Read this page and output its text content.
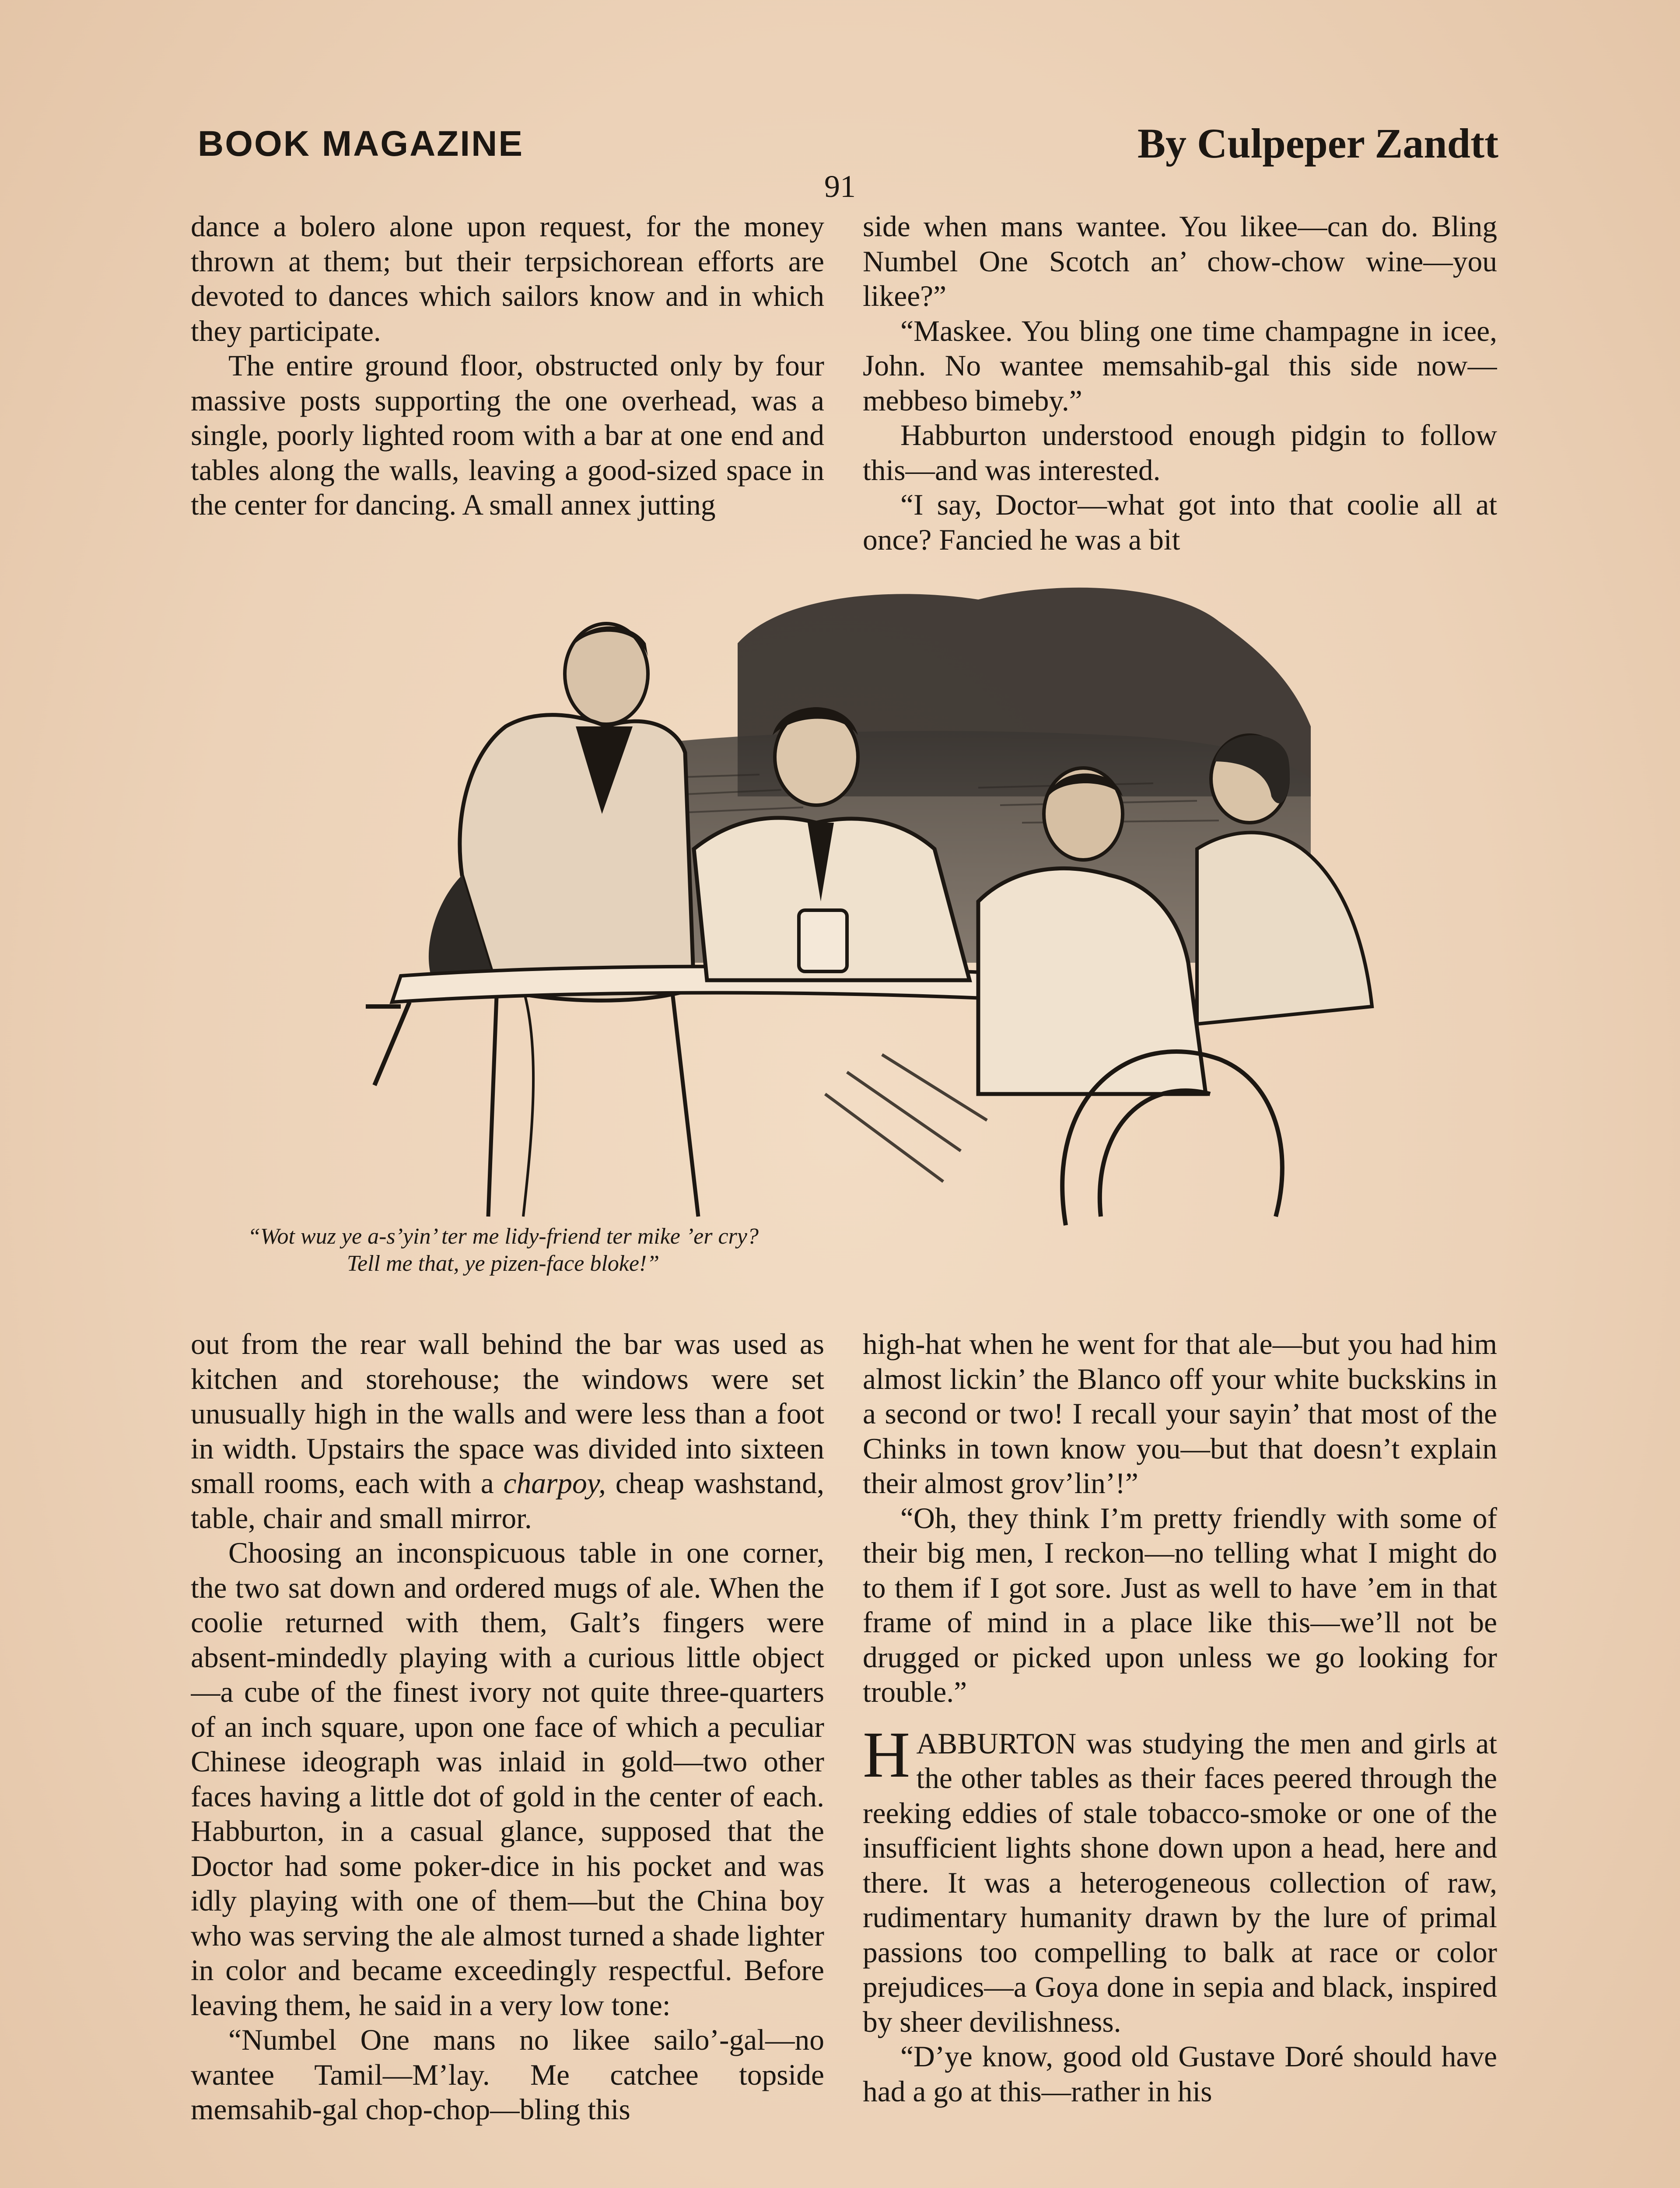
BOOK MAGAZINE	By Culpeper Zandtt
91

dance a bolero alone upon request, for the money thrown at them; but their terpsichorean efforts are devoted to dances which sailors know and in which they participate.

The entire ground floor, obstructed only by four massive posts supporting the one overhead, was a single, poorly lighted room with a bar at one end and tables along the walls, leaving a good-sized space in the center for dancing. A small annex jutting

side when mans wantee. You likee—can do. Bling Numbel One Scotch an’ chow-chow wine—you likee?”

“Maskee. You bling one time champagne in icee, John. No wantee memsahib-gal this side now—mebbeso bimeby.”

Habburton understood enough pidgin to follow this—and was interested.

“I say, Doctor—what got into that coolie all at once? Fancied he was a bit

“Wot wuz ye a-s’yin’ ter me lidy-friend ter mike ’er cry? Tell me that, ye pizen-face bloke!”

out from the rear wall behind the bar was used as kitchen and storehouse; the windows were set unusually high in the walls and were less than a foot in width. Upstairs the space was divided into sixteen small rooms, each with a charpoy, cheap washstand, table, chair and small mirror.

Choosing an inconspicuous table in one corner, the two sat down and ordered mugs of ale. When the coolie returned with them, Galt’s fingers were absent-mindedly playing with a curious little object—a cube of the finest ivory not quite three-quarters of an inch square, upon one face of which a peculiar Chinese ideograph was inlaid in gold—two other faces having a little dot of gold in the center of each. Habburton, in a casual glance, supposed that the Doctor had some poker-dice in his pocket and was idly playing with one of them—but the China boy who was serving the ale almost turned a shade lighter in color and became exceedingly respectful. Before leaving them, he said in a very low tone:

“Numbel One mans no likee sailo’-gal—no wantee Tamil—M’lay. Me catchee topside memsahib-gal chop-chop—bling this

high-hat when he went for that ale—but you had him almost lickin’ the Blanco off your white buckskins in a second or two! I recall your sayin’ that most of the Chinks in town know you—but that doesn’t explain their almost grov’lin’!”

“Oh, they think I’m pretty friendly with some of their big men, I reckon—no telling what I might do to them if I got sore. Just as well to have ’em in that frame of mind in a place like this—we’ll not be drugged or picked upon unless we go looking for trouble.”

HABBURTON was studying the men and girls at the other tables as their faces peered through the reeking eddies of stale tobacco-smoke or one of the insufficient lights shone down upon a head, here and there. It was a heterogeneous collection of raw, rudimentary humanity drawn by the lure of primal passions too compelling to balk at race or color prejudices—a Goya done in sepia and black, inspired by sheer devilishness.

“D’ye know, good old Gustave Doré should have had a go at this—rather in his
